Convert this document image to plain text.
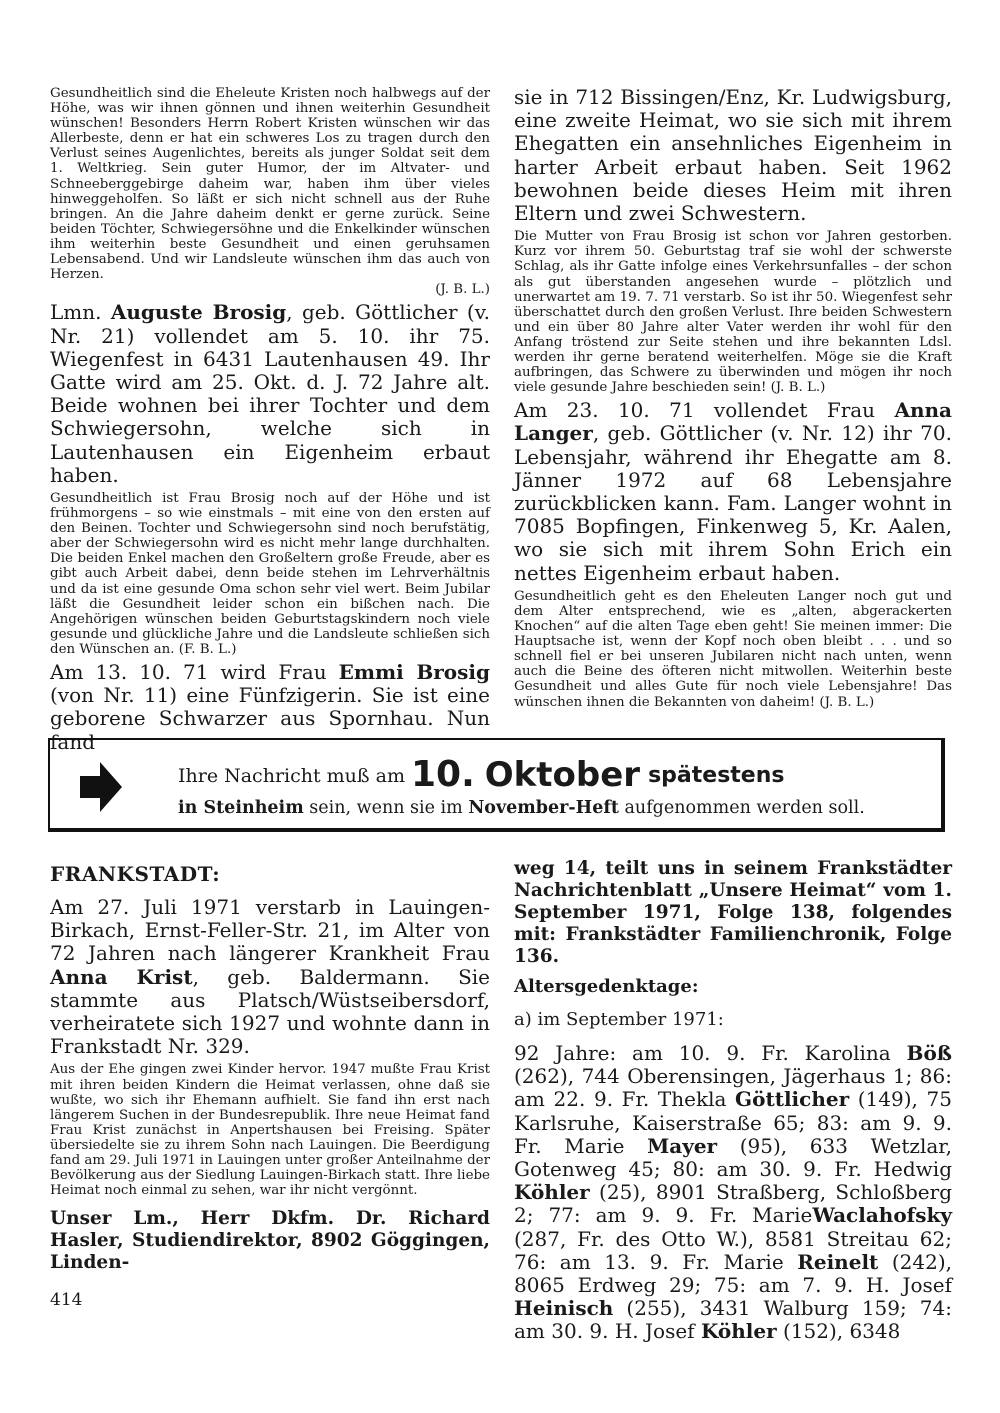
Gesundheitlich sind die Eheleute Kristen noch halbwegs auf der Höhe, was wir ihnen gönnen und ihnen weiterhin Gesundheit wünschen! Besonders Herrn Robert Kristen wünschen wir das Allerbeste, denn er hat ein schweres Los zu tragen durch den Verlust seines Augenlichtes, bereits als junger Soldat seit dem 1. Weltkrieg. Sein guter Humor, der im Altvater- und Schneeberggebirge daheim war, haben ihm über vieles hinweggeholfen. So läßt er sich nicht schnell aus der Ruhe bringen. An die Jahre daheim denkt er gerne zurück. Seine beiden Töchter, Schwiegersöhne und die Enkelkinder wünschen ihm weiterhin beste Gesundheit und einen geruhsamen Lebensabend. Und wir Landsleute wünschen ihm das auch von Herzen.

(J. B. L.)

Lmn. Auguste Brosig, geb. Göttlicher (v. Nr. 21) vollendet am 5. 10. ihr 75. Wiegenfest in 6431 Lautenhausen 49. Ihr Gatte wird am 25. Okt. d. J. 72 Jahre alt. Beide wohnen bei ihrer Tochter und dem Schwiegersohn, welche sich in Lautenhausen ein Eigenheim erbaut haben.

Gesundheitlich ist Frau Brosig noch auf der Höhe und ist frühmorgens – so wie einstmals – mit eine von den ersten auf den Beinen. Tochter und Schwiegersohn sind noch berufstätig, aber der Schwiegersohn wird es nicht mehr lange durchhalten. Die beiden Enkel machen den Großeltern große Freude, aber es gibt auch Arbeit dabei, denn beide stehen im Lehrverhältnis und da ist eine gesunde Oma schon sehr viel wert. Beim Jubilar läßt die Gesundheit leider schon ein bißchen nach. Die Angehörigen wünschen beiden Geburtstagskindern noch viele gesunde und glückliche Jahre und die Landsleute schließen sich den Wünschen an. (F. B. L.)

Am 13. 10. 71 wird Frau Emmi Brosig (von Nr. 11) eine Fünfzigerin. Sie ist eine geborene Schwarzer aus Spornhau. Nun fand

sie in 712 Bissingen/Enz, Kr. Ludwigsburg, eine zweite Heimat, wo sie sich mit ihrem Ehegatten ein ansehnliches Eigenheim in harter Arbeit erbaut haben. Seit 1962 bewohnen beide dieses Heim mit ihren Eltern und zwei Schwestern.

Die Mutter von Frau Brosig ist schon vor Jahren gestorben. Kurz vor ihrem 50. Geburtstag traf sie wohl der schwerste Schlag, als ihr Gatte infolge eines Verkehrsunfalles – der schon als gut überstanden angesehen wurde – plötzlich und unerwartet am 19. 7. 71 verstarb. So ist ihr 50. Wiegenfest sehr überschattet durch den großen Verlust. Ihre beiden Schwestern und ein über 80 Jahre alter Vater werden ihr wohl für den Anfang tröstend zur Seite stehen und ihre bekannten Ldsl. werden ihr gerne beratend weiterhelfen. Möge sie die Kraft aufbringen, das Schwere zu überwinden und mögen ihr noch viele gesunde Jahre beschieden sein! (J. B. L.)

Am 23. 10. 71 vollendet Frau Anna Langer, geb. Göttlicher (v. Nr. 12) ihr 70. Lebensjahr, während ihr Ehegatte am 8. Jänner 1972 auf 68 Lebensjahre zurückblicken kann. Fam. Langer wohnt in 7085 Bopfingen, Finkenweg 5, Kr. Aalen, wo sie sich mit ihrem Sohn Erich ein nettes Eigenheim erbaut haben.

Gesundheitlich geht es den Eheleuten Langer noch gut und dem Alter entsprechend, wie es „alten, abgerackerten Knochen“ auf die alten Tage eben geht! Sie meinen immer: Die Hauptsache ist, wenn der Kopf noch oben bleibt . . . und so schnell fiel er bei unseren Jubilaren nicht nach unten, wenn auch die Beine des öfteren nicht mitwollen. Weiterhin beste Gesundheit und alles Gute für noch viele Lebensjahre! Das wünschen ihnen die Bekannten von daheim! (J. B. L.)

Ihre Nachricht muß am 10. Oktober spätestens
in Steinheim sein, wenn sie im November-Heft aufgenommen werden soll.
FRANKSTADT:

Am 27. Juli 1971 verstarb in Lauingen-Birkach, Ernst-Feller-Str. 21, im Alter von 72 Jahren nach längerer Krankheit Frau Anna Krist, geb. Baldermann. Sie stammte aus Platsch/Wüstseibersdorf, verheiratete sich 1927 und wohnte dann in Frankstadt Nr. 329.

Aus der Ehe gingen zwei Kinder hervor. 1947 mußte Frau Krist mit ihren beiden Kindern die Heimat verlassen, ohne daß sie wußte, wo sich ihr Ehemann aufhielt. Sie fand ihn erst nach längerem Suchen in der Bundesrepublik. Ihre neue Heimat fand Frau Krist zunächst in Anpertshausen bei Freising. Später übersiedelte sie zu ihrem Sohn nach Lauingen. Die Beerdigung fand am 29. Juli 1971 in Lauingen unter großer Anteilnahme der Bevölkerung aus der Siedlung Lauingen-Birkach statt. Ihre liebe Heimat noch einmal zu sehen, war ihr nicht vergönnt.

Unser Lm., Herr Dkfm. Dr. Richard Hasler, Studiendirektor, 8902 Göggingen, Linden-

weg 14, teilt uns in seinem Frankstädter Nachrichtenblatt „Unsere Heimat“ vom 1. September 1971, Folge 138, folgendes mit: Frankstädter Familienchronik, Folge 136.

Altersgedenktage:
a) im September 1971:

92 Jahre: am 10. 9. Fr. Karolina Böß (262), 744 Oberensingen, Jägerhaus 1; 86: am 22. 9. Fr. Thekla Göttlicher (149), 75 Karlsruhe, Kaiserstraße 65; 83: am 9. 9. Fr. Marie Mayer (95), 633 Wetzlar, Gotenweg 45; 80: am 30. 9. Fr. Hedwig Köhler (25), 8901 Straßberg, Schloßberg 2; 77: am 9. 9. Fr. MarieWaclahofsky (287, Fr. des Otto W.), 8581 Streitau 62; 76: am 13. 9. Fr. Marie Reinelt (242), 8065 Erdweg 29; 75: am 7. 9. H. Josef Heinisch (255), 3431 Walburg 159; 74: am 30. 9. H. Josef Köhler (152), 6348

414
